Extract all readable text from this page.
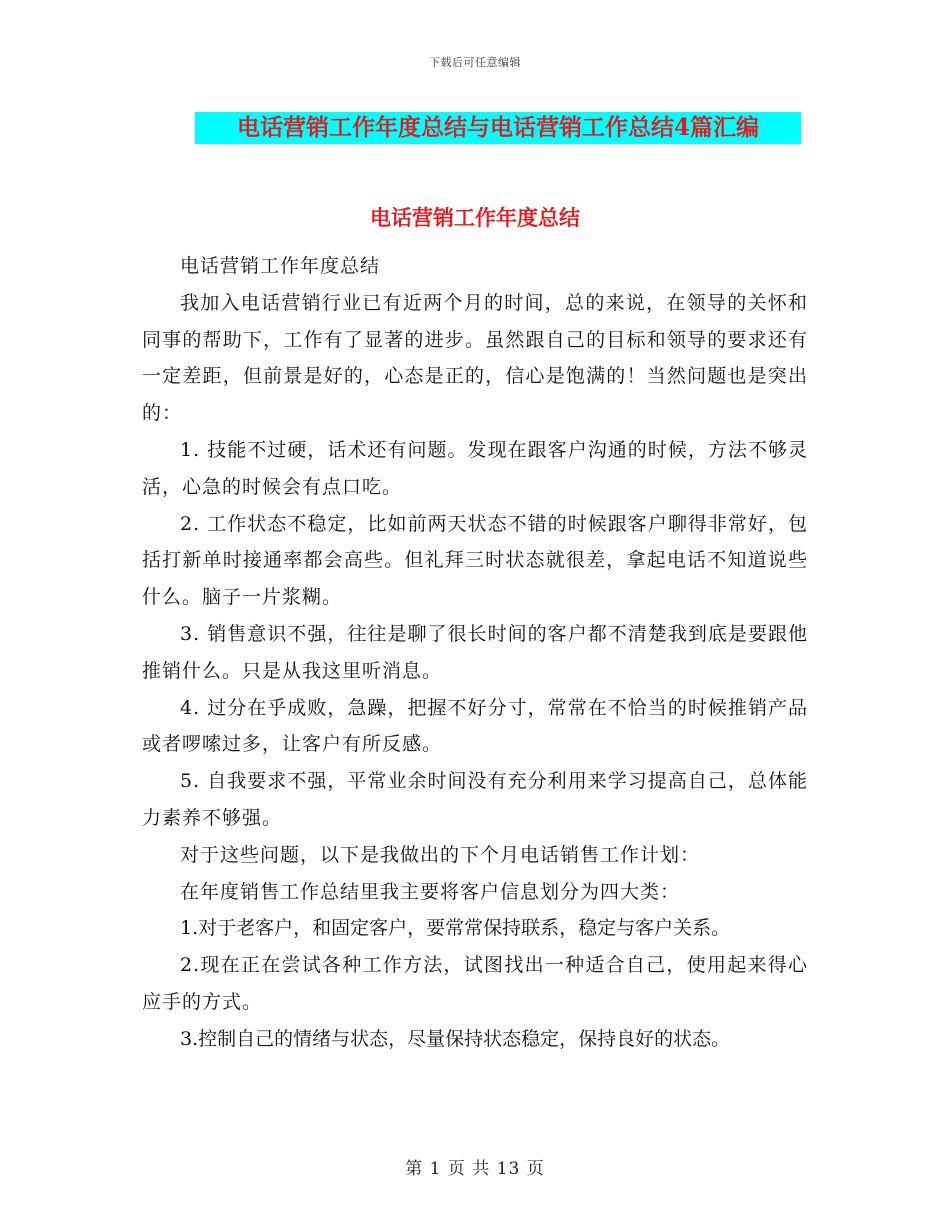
下载后可任意编辑
电话营销工作年度总结与电话营销工作总结4篇汇编
电话营销工作年度总结

电话营销工作年度总结

我加入电话营销行业已有近两个月的时间，总的来说，在领导的关怀和同事的帮助下，工作有了显著的进步。虽然跟自己的目标和领导的要求还有一定差距，但前景是好的，心态是正的，信心是饱满的！当然问题也是突出的：

1. 技能不过硬，话术还有问题。发现在跟客户沟通的时候，方法不够灵活，心急的时候会有点口吃。

2. 工作状态不稳定，比如前两天状态不错的时候跟客户聊得非常好，包括打新单时接通率都会高些。但礼拜三时状态就很差，拿起电话不知道说些什么。脑子一片浆糊。

3. 销售意识不强，往往是聊了很长时间的客户都不清楚我到底是要跟他推销什么。只是从我这里听消息。

4. 过分在乎成败，急躁，把握不好分寸，常常在不恰当的时候推销产品或者啰嗦过多，让客户有所反感。

5. 自我要求不强，平常业余时间没有充分利用来学习提高自己，总体能力素养不够强。

对于这些问题，以下是我做出的下个月电话销售工作计划：

在年度销售工作总结里我主要将客户信息划分为四大类：

1.对于老客户，和固定客户，要常常保持联系，稳定与客户关系。

2.现在正在尝试各种工作方法，试图找出一种适合自己，使用起来得心应手的方式。

3.控制自己的情绪与状态，尽量保持状态稳定，保持良好的状态。

第 1 页 共 13 页
